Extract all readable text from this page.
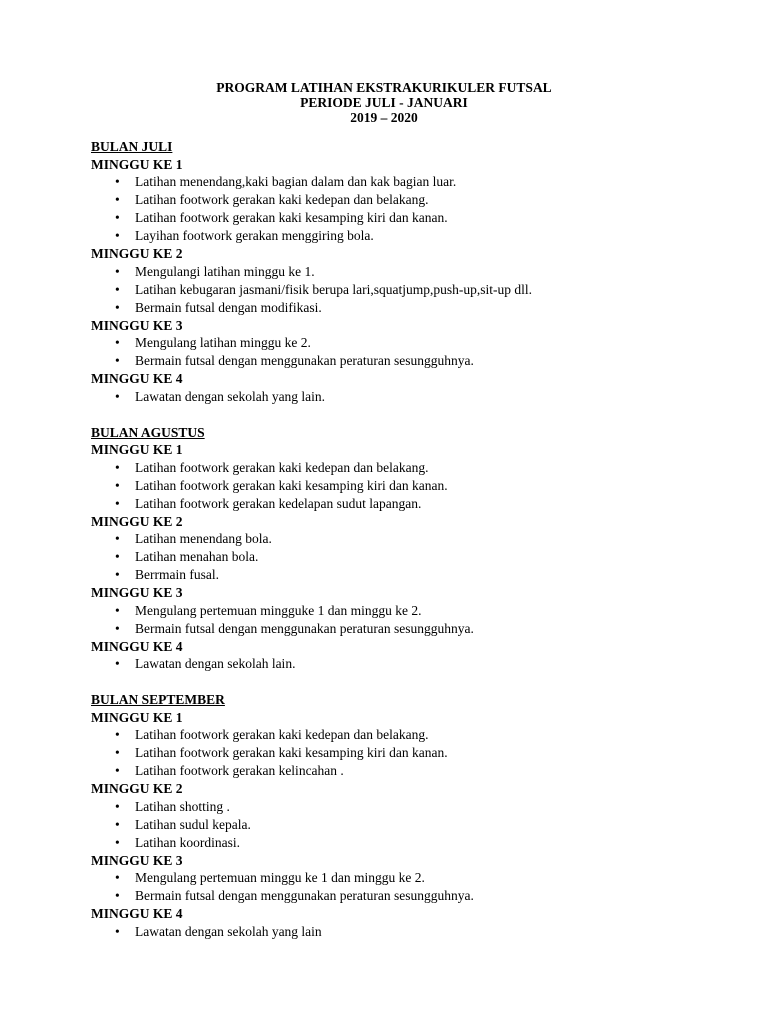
PROGRAM LATIHAN EKSTRAKURIKULER FUTSAL
PERIODE JULI - JANUARI
2019 – 2020
BULAN JULI
MINGGU KE 1
• Latihan menendang,kaki bagian dalam dan kak bagian luar.
• Latihan footwork gerakan kaki kedepan dan belakang.
• Latihan footwork gerakan kaki kesamping kiri dan kanan.
• Layihan footwork gerakan menggiring bola.
MINGGU KE 2
• Mengulangi latihan minggu ke 1.
• Latihan kebugaran jasmani/fisik berupa lari,squatjump,push-up,sit-up dll.
• Bermain futsal dengan modifikasi.
MINGGU KE 3
• Mengulang latihan minggu ke 2.
• Bermain futsal dengan menggunakan peraturan sesungguhnya.
MINGGU KE 4
• Lawatan dengan sekolah yang lain.
BULAN AGUSTUS
MINGGU KE 1
• Latihan footwork gerakan kaki kedepan dan belakang.
• Latihan footwork gerakan kaki kesamping kiri dan kanan.
• Latihan footwork gerakan kedelapan sudut lapangan.
MINGGU KE 2
• Latihan menendang bola.
• Latihan menahan bola.
• Berrmain fusal.
MINGGU KE 3
• Mengulang pertemuan mingguke 1 dan minggu ke 2.
• Bermain futsal dengan menggunakan peraturan sesungguhnya.
MINGGU KE 4
• Lawatan dengan sekolah lain.
BULAN SEPTEMBER
MINGGU KE 1
• Latihan footwork gerakan kaki kedepan dan belakang.
• Latihan footwork gerakan kaki kesamping kiri dan kanan.
• Latihan footwork gerakan kelincahan .
MINGGU KE 2
• Latihan shotting .
• Latihan sudul kepala.
• Latihan koordinasi.
MINGGU KE 3
• Mengulang pertemuan minggu ke 1 dan minggu ke 2.
• Bermain futsal dengan menggunakan peraturan sesungguhnya.
MINGGU KE 4
• Lawatan dengan sekolah yang lain
